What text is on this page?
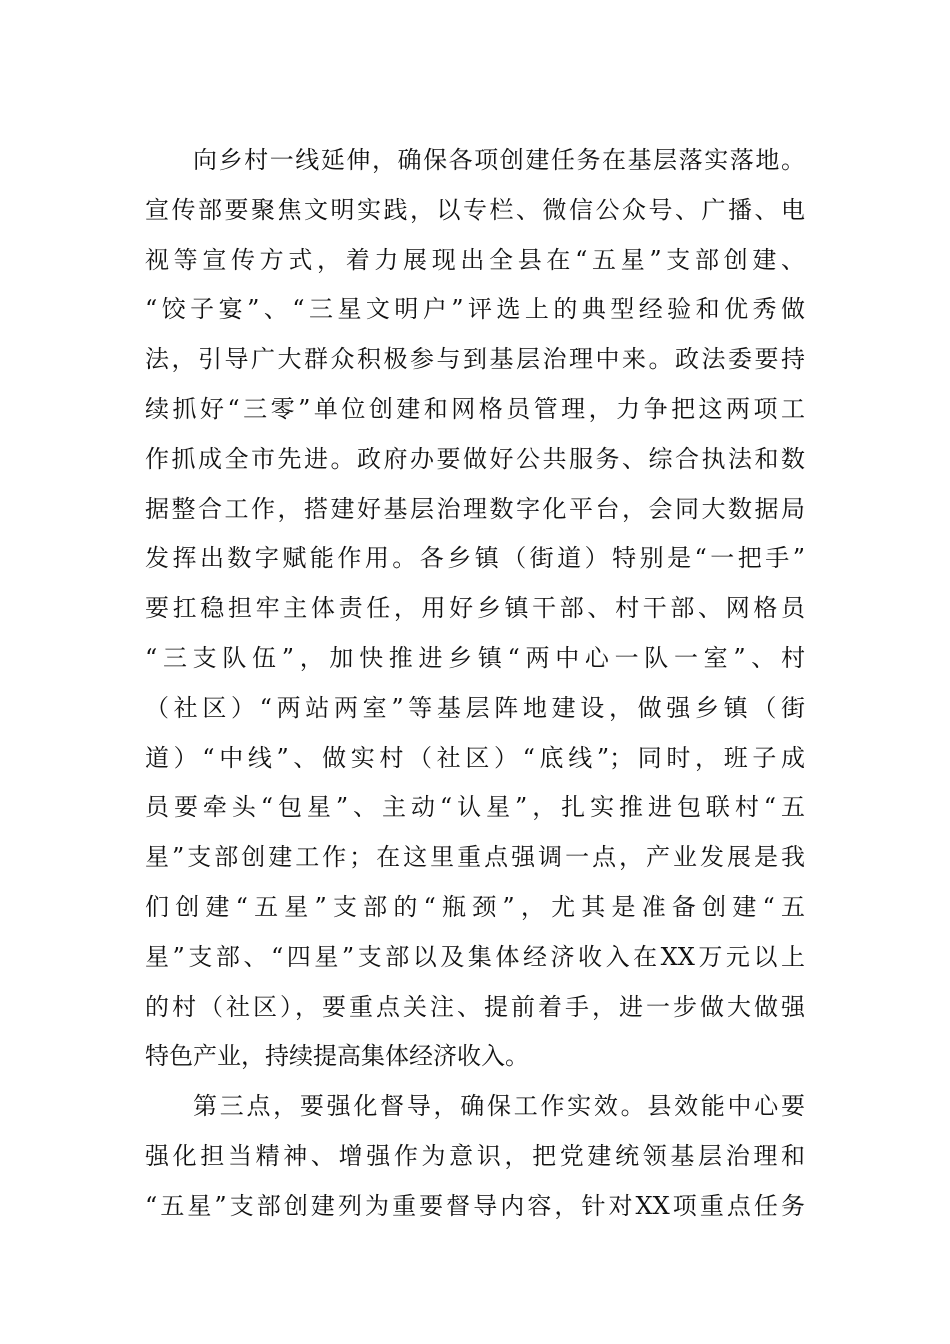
向乡村一线延伸，确保各项创建任务在基层落实落地。
宣传部要聚焦文明实践，以专栏、微信公众号、广播、电
视等宣传方式，着力展现出全县在“五星”支部创建、
“饺子宴”、“三星文明户”评选上的典型经验和优秀做
法，引导广大群众积极参与到基层治理中来。政法委要持
续抓好“三零”单位创建和网格员管理，力争把这两项工
作抓成全市先进。政府办要做好公共服务、综合执法和数
据整合工作，搭建好基层治理数字化平台，会同大数据局
发挥出数字赋能作用。各乡镇（街道）特别是“一把手”
要扛稳担牢主体责任，用好乡镇干部、村干部、网格员
“三支队伍”，加快推进乡镇“两中心一队一室”、村
（社区）“两站两室”等基层阵地建设，做强乡镇（街
道）“中线”、做实村（社区）“底线”；同时，班子成
员要牵头“包星”、主动“认星”，扎实推进包联村“五
星”支部创建工作；在这里重点强调一点，产业发展是我
们创建“五星”支部的“瓶颈”，尤其是准备创建“五
星”支部、“四星”支部以及集体经济收入在XX万元以上
的村（社区），要重点关注、提前着手，进一步做大做强
特色产业，持续提高集体经济收入。
第三点，要强化督导，确保工作实效。县效能中心要
强化担当精神、增强作为意识，把党建统领基层治理和
“五星”支部创建列为重要督导内容，针对XX项重点任务
